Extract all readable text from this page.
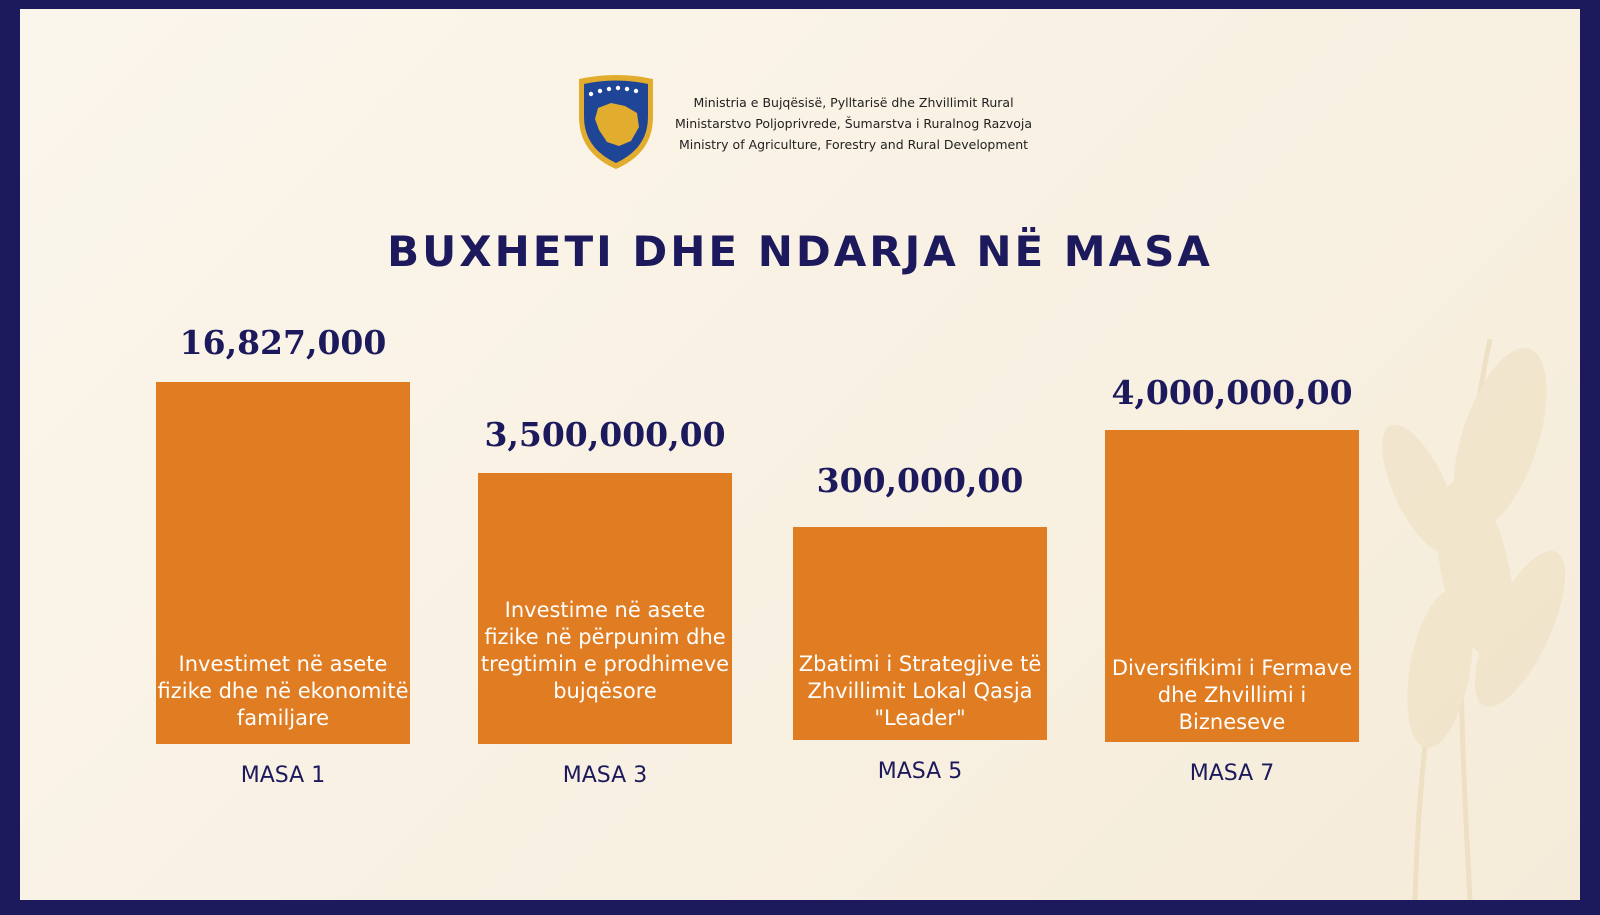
Ministria e Bujqësisë, Pylltarisë dhe Zhvillimit Rural
Ministarstvo Poljoprivrede, Šumarstva i Ruralnog Razvoja
Ministry of Agriculture, Forestry and Rural Development
BUXHETI DHE NDARJA NË MASA
16,827,000
3,500,000,00
300,000,00
4,000,000,00
Investimet në asete fizike dhe në ekonomitë familjare
Investime në asete fizike në përpunim dhe tregtimin e prodhimeve bujqësore
Zbatimi i Strategjive të Zhvillimit Lokal Qasja "Leader"
Diversifikimi i Fermave dhe Zhvillimi i Bizneseve
MASA 1	MASA 3	MASA 5	MASA 7
